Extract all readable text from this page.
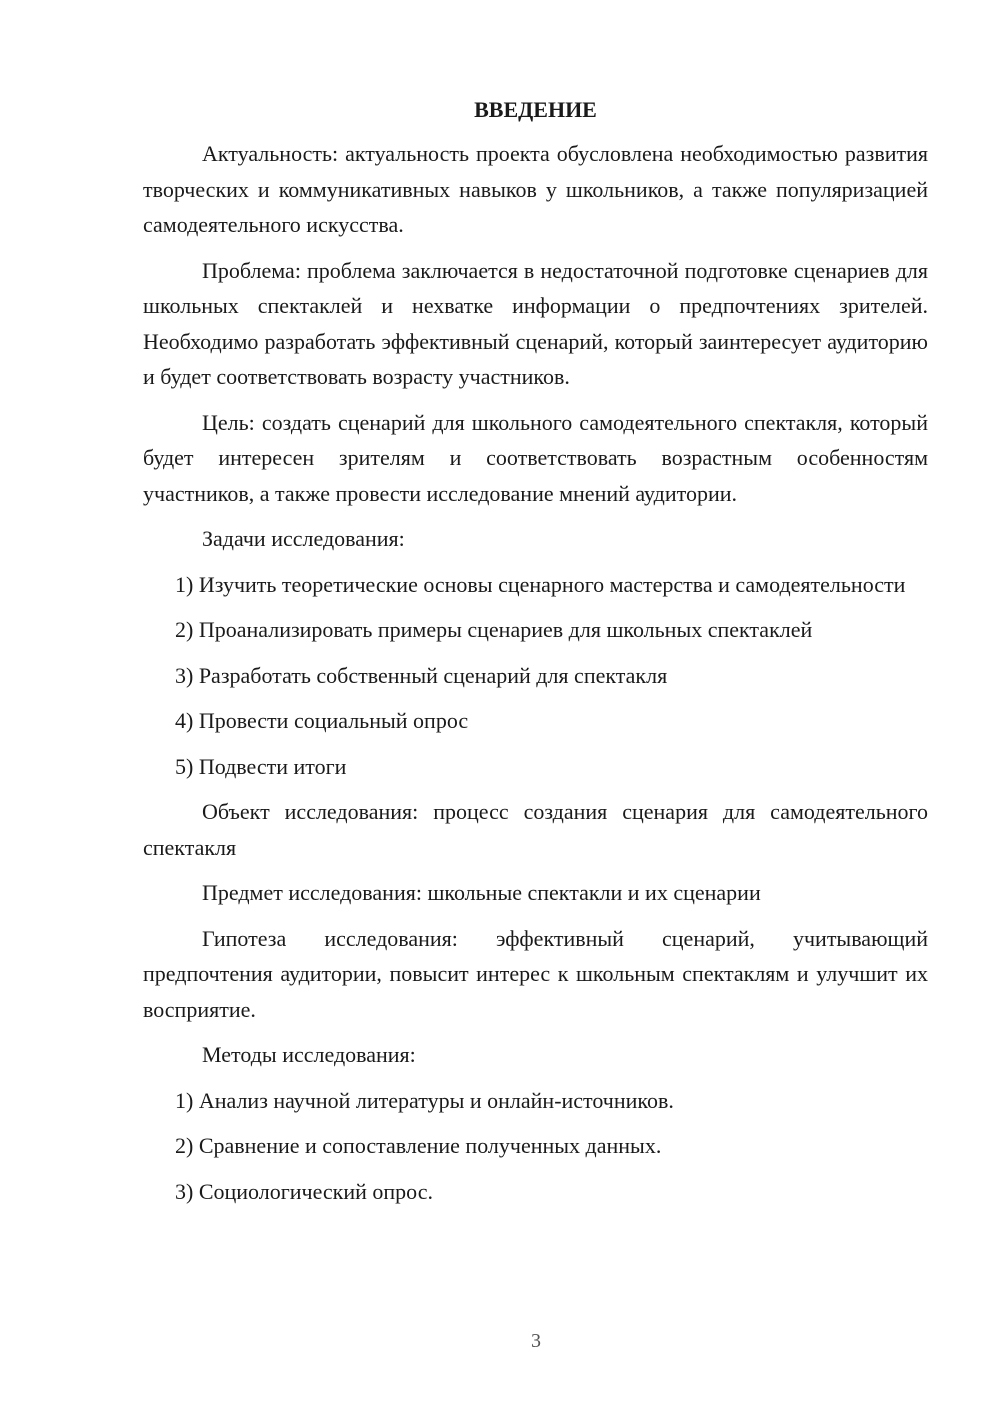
ВВЕДЕНИЕ

Актуальность: актуальность проекта обусловлена необходимостью развития творческих и коммуникативных навыков у школьников, а также популяризацией самодеятельного искусства.

Проблема: проблема заключается в недостаточной подготовке сценариев для школьных спектаклей и нехватке информации о предпочтениях зрителей. Необходимо разработать эффективный сценарий, который заинтересует аудиторию и будет соответствовать возрасту участников.

Цель: создать сценарий для школьного самодеятельного спектакля, который будет интересен зрителям и соответствовать возрастным особенностям участников, а также провести исследование мнений аудитории.

Задачи исследования:

1) Изучить теоретические основы сценарного мастерства и самодеятельности

2) Проанализировать примеры сценариев для школьных спектаклей

3) Разработать собственный сценарий для спектакля

4) Провести социальный опрос

5) Подвести итоги

Объект исследования: процесс создания сценария для самодеятельного спектакля

Предмет исследования: школьные спектакли и их сценарии

Гипотеза исследования: эффективный сценарий, учитывающий предпочтения аудитории, повысит интерес к школьным спектаклям и улучшит их восприятие.

Методы исследования:

1) Анализ научной литературы и онлайн-источников.

2) Сравнение и сопоставление полученных данных.

3) Социологический опрос.

3
